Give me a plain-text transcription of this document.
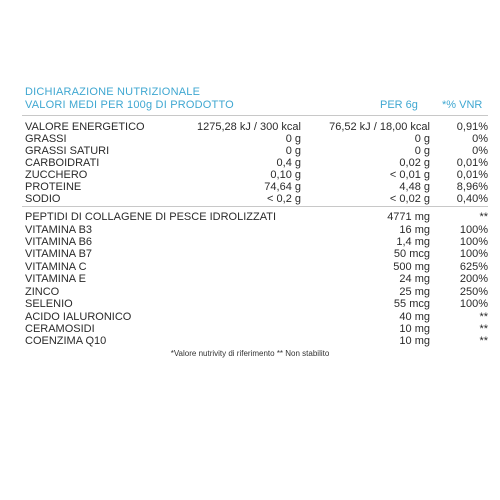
DICHIARAZIONE NUTRIZIONALE
VALORI MEDI PER 100g DI PRODOTTO	PER 6g *% VNR
VALORE ENERGETICO	1275,28 kJ / 300 kcal	76,52 kJ / 18,00 kcal 0,91%
GRASSI	0 g	0 g	0%
GRASSI SATURI	0 g	0 g	0%
CARBOIDRATI	0,4 g	0,02 g 0,01%
ZUCCHERO	0,10 g	< 0,01 g 0,01%
PROTEINE	74,64 g	4,48 g 8,96%
SODIO	< 0,2 g	< 0,02 g 0,40%
PEPTIDI DI COLLAGENE DI PESCE IDROLIZZATI	4771 mg	**
VITAMINA B3	16 mg	100%
VITAMINA B6	1,4 mg	100%
VITAMINA B7	50 mcg	100%
VITAMINA C	500 mg	625%
VITAMINA E	24 mg	200%
ZINCO	25 mg	250%
SELENIO	55 mcg	100%
ACIDO IALURONICO	40 mg	**
CERAMOSIDI	10 mg	**
COENZIMA Q10	10 mg	**
*Valore nutrivity di riferimento ** Non stabilito
